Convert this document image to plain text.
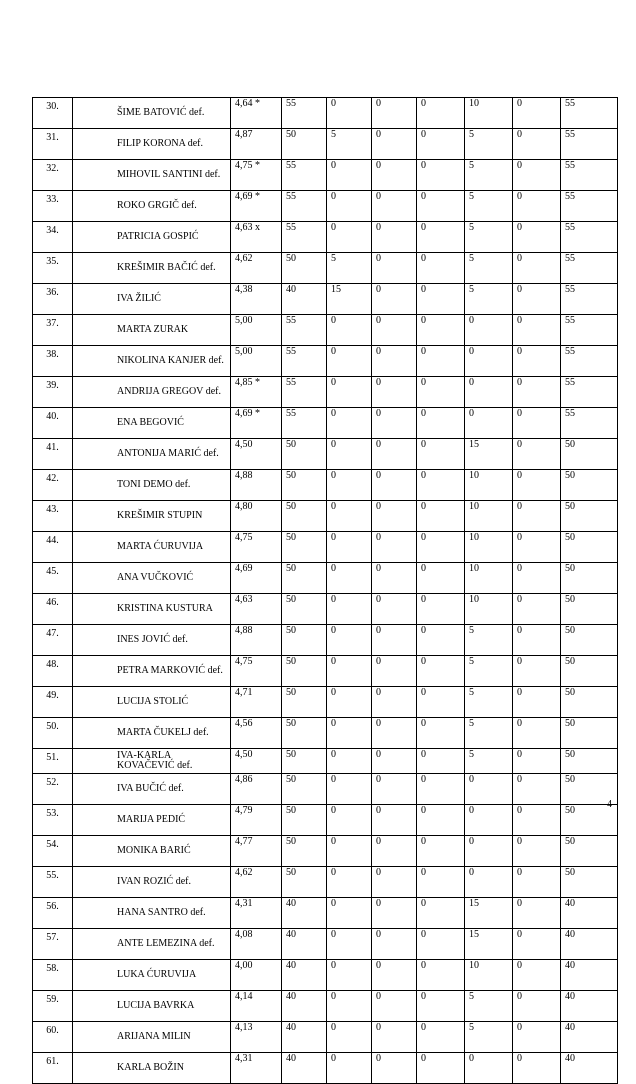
30.	ŠIME BATOVIĆ def.	4,64 *	55	0	0	0	10	0	55
31.	FILIP KORONA def.	4,87	50	5	0	0	5	0	55
32.	MIHOVIL SANTINI def.	4,75 *	55	0	0	0	5	0	55
33.	ROKO GRGIČ def.	4,69 *	55	0	0	0	5	0	55
34.	PATRICIA GOSPIĆ	4,63 x	55	0	0	0	5	0	55
35.	KREŠIMIR BAČIĆ def.	4,62	50	5	0	0	5	0	55
36.	IVA ŽILIĆ	4,38	40	15	0	0	5	0	55
37.	MARTA ZURAK	5,00	55	0	0	0	0	0	55
38.	NIKOLINA KANJER def.	5,00	55	0	0	0	0	0	55
39.	ANDRIJA GREGOV def.	4,85 *	55	0	0	0	0	0	55
40.	ENA BEGOVIĆ	4,69 *	55	0	0	0	0	0	55
41.	ANTONIJA MARIĆ def.	4,50	50	0	0	0	15	0	50
42.	TONI DEMO def.	4,88	50	0	0	0	10	0	50
43.	KREŠIMIR STUPIN	4,80	50	0	0	0	10	0	50
44.	MARTA ĆURUVIJA	4,75	50	0	0	0	10	0	50
45.	ANA VUČKOVIĆ	4,69	50	0	0	0	10	0	50
46.	KRISTINA KUSTURA	4,63	50	0	0	0	10	0	50
47.	INES JOVIĆ def.	4,88	50	0	0	0	5	0	50
48.	PETRA MARKOVIĆ def.	4,75	50	0	0	0	5	0	50
49.	LUCIJA STOLIĆ	4,71	50	0	0	0	5	0	50
50.	MARTA ČUKELJ def.	4,56	50	0	0	0	5	0	50
51.	IVA-KARLA KOVAČEVIĆ def.	4,50	50	0	0	0	5	0	50
52.	IVA BUČIĆ def.	4,86	50	0	0	0	0	0	50
53.	MARIJA PEDIĆ	4,79	50	0	0	0	0	0	50
54.	MONIKA BARIĆ	4,77	50	0	0	0	0	0	50
55.	IVAN ROZIĆ def.	4,62	50	0	0	0	0	0	50
56.	HANA SANTRO def.	4,31	40	0	0	0	15	0	40
57.	ANTE LEMEZINA def.	4,08	40	0	0	0	15	0	40
58.	LUKA ĆURUVIJA	4,00	40	0	0	0	10	0	40
59.	LUCIJA BAVRKA	4,14	40	0	0	0	5	0	40
60.	ARIJANA MILIN	4,13	40	0	0	0	5	0	40
61.	KARLA BOŽIN	4,31	40	0	0	0	0	0	40
4
